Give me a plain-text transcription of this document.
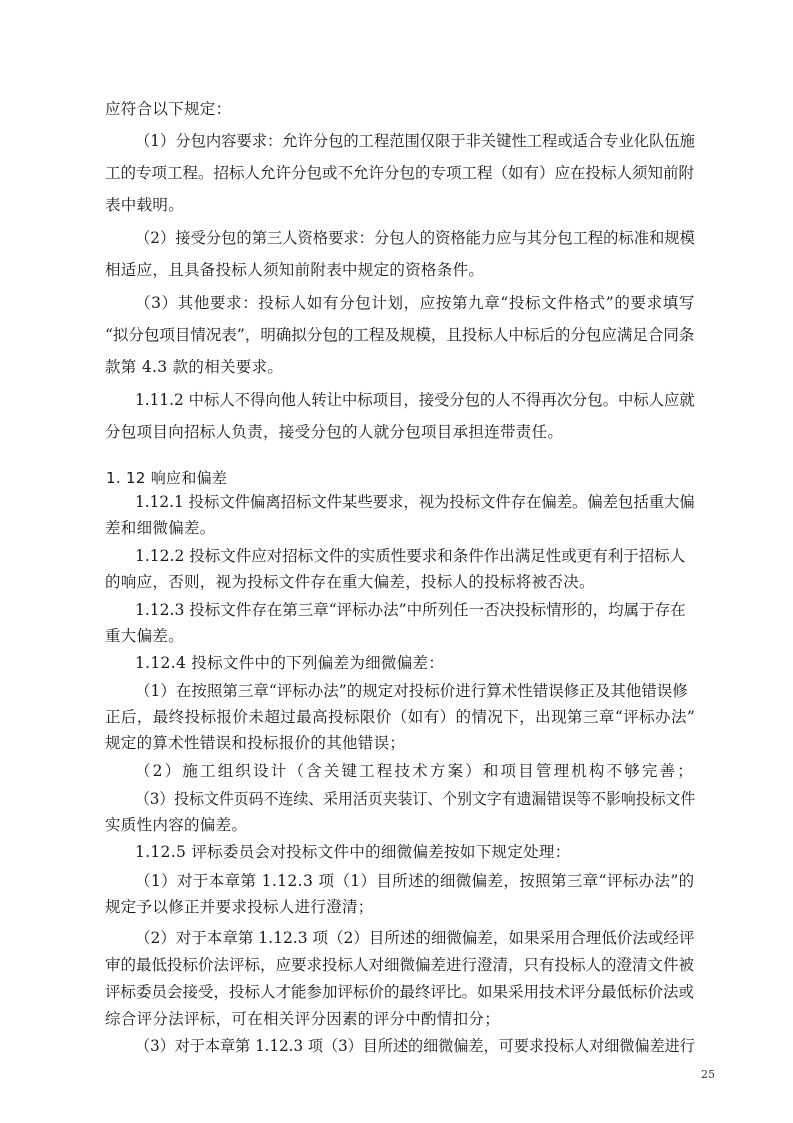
应符合以下规定：
（1）分包内容要求：允许分包的工程范围仅限于非关键性工程或适合专业化队伍施
工的专项工程。招标人允许分包或不允许分包的专项工程（如有）应在投标人须知前附
表中载明。
（2）接受分包的第三人资格要求：分包人的资格能力应与其分包工程的标准和规模
相适应，且具备投标人须知前附表中规定的资格条件。
（3）其他要求：投标人如有分包计划，应按第九章“投标文件格式”的要求填写
“拟分包项目情况表”，明确拟分包的工程及规模，且投标人中标后的分包应满足合同条
款第 4.3 款的相关要求。
1.11.2 中标人不得向他人转让中标项目，接受分包的人不得再次分包。中标人应就
分包项目向招标人负责，接受分包的人就分包项目承担连带责任。
1. 12 响应和偏差
1.12.1 投标文件偏离招标文件某些要求，视为投标文件存在偏差。偏差包括重大偏
差和细微偏差。
1.12.2 投标文件应对招标文件的实质性要求和条件作出满足性或更有利于招标人
的响应，否则，视为投标文件存在重大偏差，投标人的投标将被否决。
1.12.3 投标文件存在第三章“评标办法”中所列任一否决投标情形的，均属于存在
重大偏差。
1.12.4 投标文件中的下列偏差为细微偏差：
（1）在按照第三章“评标办法”的规定对投标价进行算术性错误修正及其他错误修
正后，最终投标报价未超过最高投标限价（如有）的情况下，出现第三章“评标办法”
规定的算术性错误和投标报价的其他错误；
（2）施工组织设计（含关键工程技术方案）和项目管理机构不够完善；
（3）投标文件页码不连续、采用活页夹装订、个别文字有遗漏错误等不影响投标文件
实质性内容的偏差。
1.12.5 评标委员会对投标文件中的细微偏差按如下规定处理：
（1）对于本章第 1.12.3 项（1）目所述的细微偏差，按照第三章“评标办法”的
规定予以修正并要求投标人进行澄清；
（2）对于本章第 1.12.3 项（2）目所述的细微偏差，如果采用合理低价法或经评
审的最低投标价法评标，应要求投标人对细微偏差进行澄清，只有投标人的澄清文件被
评标委员会接受，投标人才能参加评标价的最终评比。如果采用技术评分最低标价法或
综合评分法评标，可在相关评分因素的评分中酌情扣分；
（3）对于本章第 1.12.3 项（3）目所述的细微偏差，可要求投标人对细微偏差进行
25
